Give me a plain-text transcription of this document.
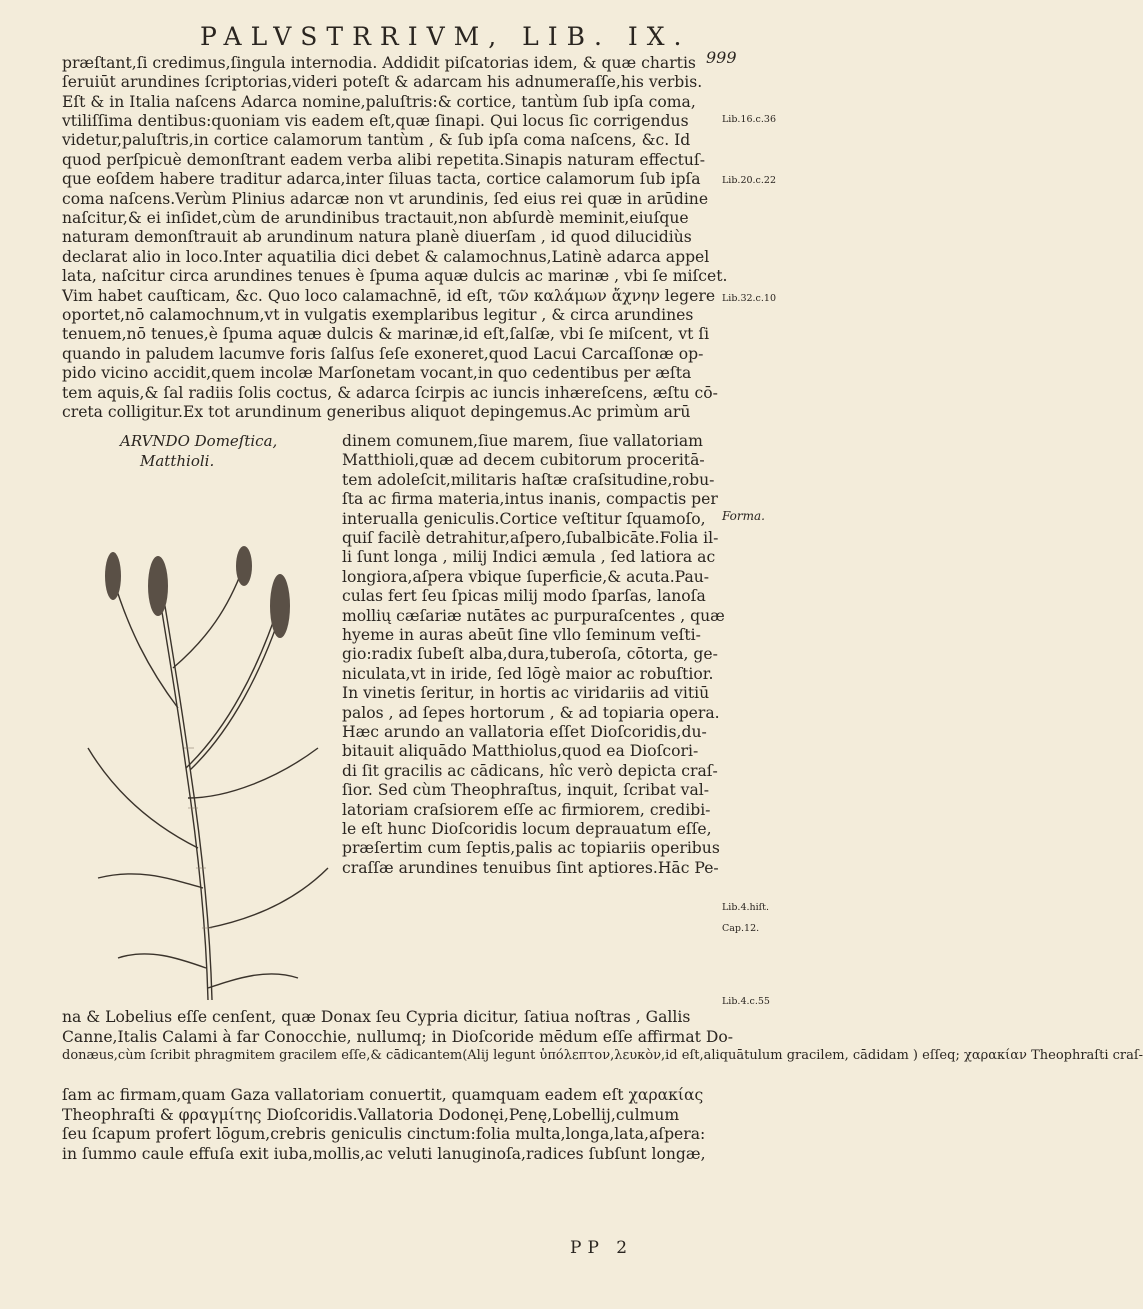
PALVSTRRIVM, LIB. IX.
999
præſtant,ſi credimus,ſingula internodia. Addidit piſcatorias idem, & quæ chartis
ſeruiūt arundines ſcriptorias,videri poteſt & adarcam his adnumeraſſe,his verbis.
Eſt & in Italia naſcens Adarca nomine,paluſtris:& cortice, tantùm ſub ipſa coma,
vtiliſſima dentibus:quoniam vis eadem eſt,quæ ſinapi. Qui locus ſic corrigendus
videtur,paluſtris,in cortice calamorum tantùm , & ſub ipſa coma naſcens, &c. Id
quod perſpicuè demonſtrant eadem verba alibi repetita.Sinapis naturam effectuſ-
que eoſdem habere traditur adarca,inter ſiluas tacta, cortice calamorum ſub ipſa
coma naſcens.Verùm Plinius adarcæ non vt arundinis, ſed eius rei quæ in arūdine
naſcitur,& ei inſidet,cùm de arundinibus tractauit,non abſurdè meminit,eiuſque
naturam demonſtrauit ab arundinum natura planè diuerſam , id quod dilucidiùs
declarat alio in loco.Inter aquatilia dici debet & calamochnus,Latinè adarca appel
lata, naſcitur circa arundines tenues è ſpuma aquæ dulcis ac marinæ , vbi ſe miſcet.
Vim habet cauſticam, &c. Quo loco calamachnē, id eſt, τῶν καλάμων ἄχνην legere
oportet,nō calamochnum,vt in vulgatis exemplaribus legitur , & circa arundines
tenuem,nō tenues,è ſpuma aquæ dulcis & marinæ,id eſt,ſalſæ, vbi ſe miſcent, vt ſi
quando in paludem lacumve foris ſalſus ſeſe exoneret,quod Lacui Carcaſſonæ op-
pido vicino accidit,quem incolæ Marſonetam vocant,in quo cedentibus per æſta
tem aquis,& ſal radiis ſolis coctus, & adarca ſcirpis ac iuncis inhæreſcens, æſtu cō-
creta colligitur.Ex tot arundinum generibus aliquot depingemus.Ac primùm arū
ARVNDO Domeſtica,
Matthioli.
dinem comunem,ſiue marem, ſiue vallatoriam
Matthioli,quæ ad decem cubitorum proceritā-
tem adoleſcit,militaris haſtæ craſsitudine,robu-
ſta ac firma materia,intus inanis, compactis per
interualla geniculis.Cortice veſtitur ſquamoſo,
quiſ facilè detrahitur,aſpero,ſubalbicāte.Folia il-
li ſunt longa , milij Indici æmula , ſed latiora ac
longiora,aſpera vbique ſuperficie,& acuta.Pau-
culas fert ſeu ſpicas milij modo ſparſas, lanoſa
mollių cæſariæ nutātes ac purpuraſcentes , quæ
hyeme in auras abeūt ſine vllo ſeminum veſti-
gio:radix ſubeſt alba,dura,tuberoſa, cōtorta, ge-
niculata,vt in iride, ſed lōgè maior ac robuſtior.
In vinetis ſeritur, in hortis ac viridariis ad vitiū
palos , ad ſepes hortorum , & ad topiaria opera.
Hæc arundo an vallatoria eſſet Dioſcoridis,du-
bitauit aliquādo Matthiolus,quod ea Dioſcori-
di ſit gracilis ac cādicans, hîc verò depicta craſ-
ſior. Sed cùm Theophraſtus, inquit, ſcribat val-
latoriam craſsiorem eſſe ac firmiorem, credibi-
le eſt hunc Dioſcoridis locum deprauatum eſſe,
præſertim cum ſeptis,palis ac topiariis operibus
craſſæ arundines tenuibus ſint aptiores.Hāc Pe-
na & Lobelius eſſe cenſent, quæ Donax ſeu Cypria dicitur, ſatiua noſtras , Gallis
Canne,Italis Calami à far Conocchie, nullumq; in Dioſcoride mēdum eſſe affirmat Do-
donæus,cùm ſcribit phragmitem gracilem eſſe,& cādicantem(Alij legunt ὑπόλεπτον,λευκὸν,id eſt,aliquātulum gracilem, cādidam ) eſſeq; χαρακίαν Theophraſti craſ-
ſam ac firmam,quam Gaza vallatoriam conuertit, quamquam eadem eſt χαρακίας
Theophraſti & φραγμίτης Dioſcoridis.Vallatoria Dodonęi,Penę,Lobellij,culmum
ſeu ſcapum profert lōgum,crebris geniculis cinctum:folia multa,longa,lata,aſpera:
in ſummo caule effuſa exit iuba,mollis,ac veluti lanuginoſa,radices ſubſunt longæ,
Lib.16.c.36
Lib.20.c.22
Lib.32.c.10
Forma.
Lib.4.hiſt.
Cap.12.
Lib.4.c.55
PP 2
